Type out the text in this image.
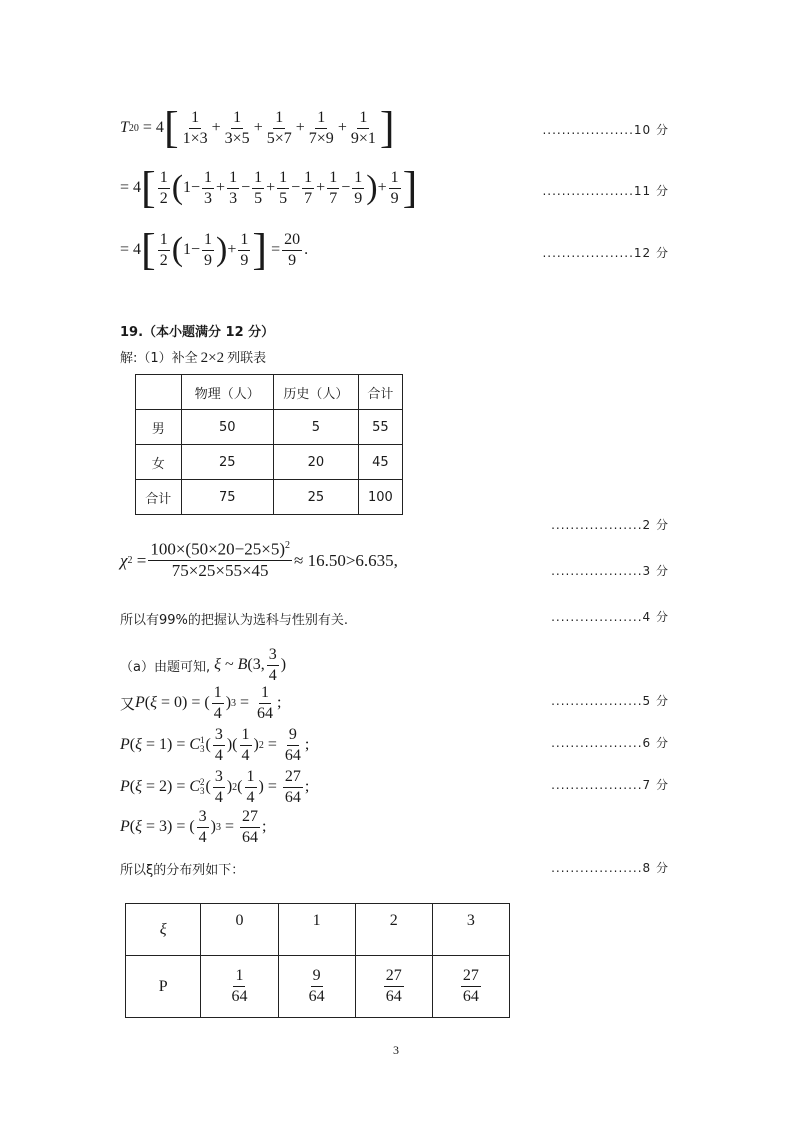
T 20 = 4 [ $\frac{1}{1\times 3} + \frac{1}{3\times 5} + \frac{1}{5\times 7} + \frac{1}{7\times 9} + \frac{1}{9\times 1}$ ]	...................10 分
= 4 [ $\frac{1}{2}$ ( $1- \frac{1}{3} + \frac{1}{3} - \frac{1}{5} + \frac{1}{5} - \frac{1}{7} + \frac{1}{7} - \frac{1}{9}$ ) + $\frac{1}{9}$ ]	...................11 分
= 4 [ $\frac{1}{2}$ ( $1- \frac{1}{9}$ ) + $\frac{1}{9}$ ] = $\frac{20}{9}$ .	...................12 分
19.（本小题满分 12 分）
解:（1）补全 2×2 列联表
	物理（人）	历史（人）	合计
男	50	5	55
女	25	20	45
合计	75	25	100
...................2 分
χ $2 = \frac{100\times(50\times 20-25\times 5)^2}{75\times 25\times 55\times 45} \approx 16.50>6.635$ ,
...................3 分
所以有99%的把握认为选科与性别有关.	...................4 分
（a）由题可知,
ξ ~ B (3, $\frac{3}{4}$ )
又 P ( ξ = 0) = ( $\frac{1}{4}$ ) $3 = \frac{1}{64}$ ;	...................5 分
P ( ξ = 1) = C 1
3 ( $\frac{3}{4}$ )( $\frac{1}{4}$ ) $2 = \frac{9}{64}$ ;	...................6 分
P ( ξ = 2) = C 2
3 ( $\frac{3}{4}$ ) 2 ( $\frac{1}{4}$ ) = $\frac{27}{64}$ ;	...................7 分
P ( ξ = 3) = ( $\frac{3}{4}$ ) $3 = \frac{27}{64}$ ;
所以ξ的分布列如下：	...................8 分
ξ	0	1	2	3
P	$\frac{1}{64}$	$\frac{9}{64}$	$\frac{27}{64}$	$\frac{27}{64}$
3
